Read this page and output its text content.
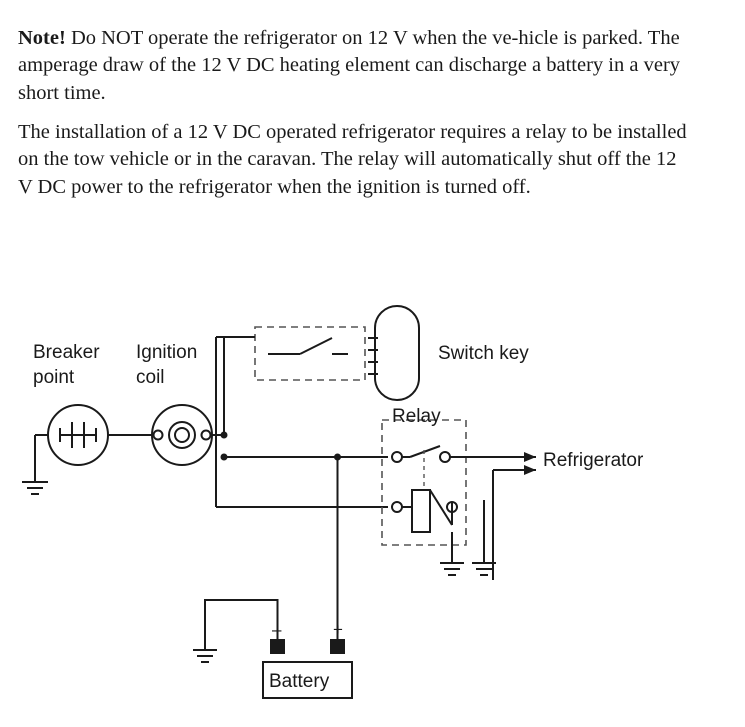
Note! Do NOT operate the refrigerator on 12 V when the ve-hicle is parked. The amperage draw of the 12 V DC heating element can discharge a battery in a very short time.

The installation of a 12 V DC operated refrigerator requires a relay to be installed on the tow vehicle or in the caravan. The relay will automatically shut off the 12 V DC power to the refrigerator when the ignition is turned off.

Breaker
point
Ignition
coil
Switch key
Relay
Refrigerator
Battery
–	+
